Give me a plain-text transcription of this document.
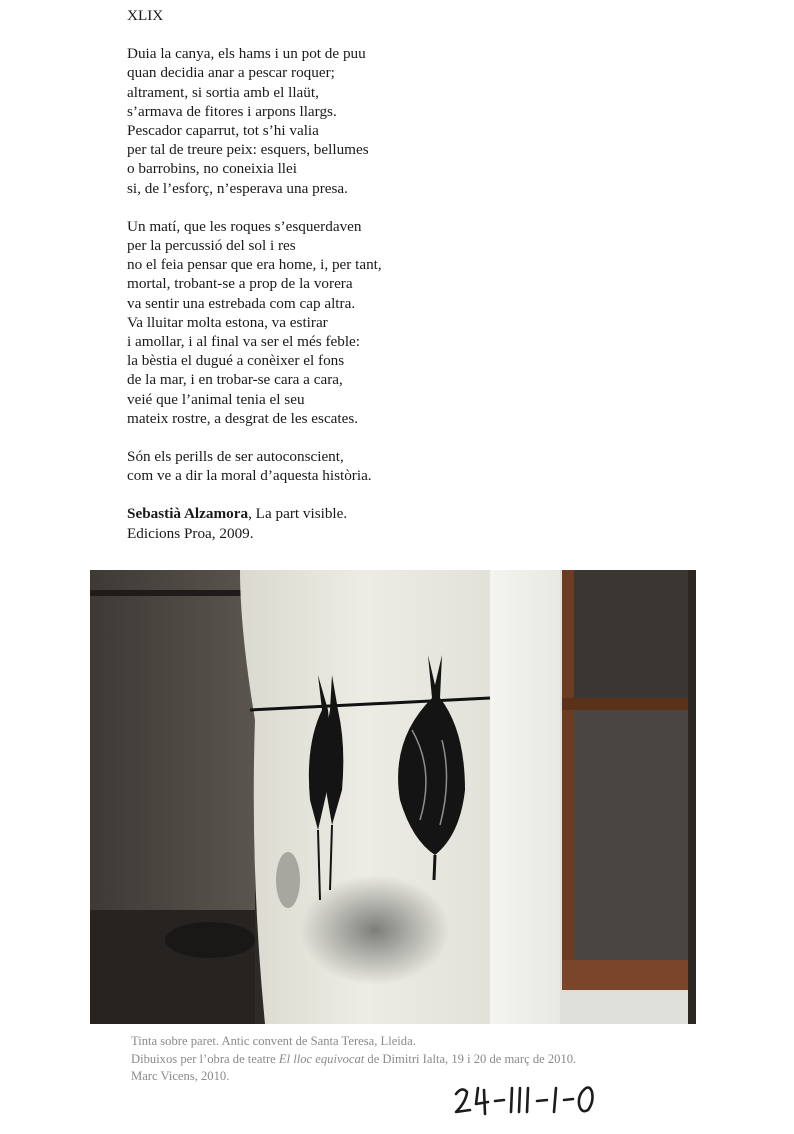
XLIX
Duia la canya, els hams i un pot de puu
quan decidia anar a pescar roquer;
altrament, si sortia amb el llaüt,
s’armava de fitores i arpons llargs.
Pescador caparrut, tot s’hi valia
per tal de treure peix: esquers, bellumes
o barrobins, no coneixia llei
si, de l’esforç, n’esperava una presa.
Un matí, que les roques s’esquerdaven
per la percussió del sol i res
no el feia pensar que era home, i, per tant,
mortal, trobant-se a prop de la vorera
va sentir una estrebada com cap altra.
Va lluitar molta estona, va estirar
i amollar, i al final va ser el més feble:
la bèstia el dugué a conèixer el fons
de la mar, i en trobar-se cara a cara,
veié que l’animal tenia el seu
mateix rostre, a desgrat de les escates.
Són els perills de ser autoconscient,
com ve a dir la moral d’aquesta història.
Sebastià Alzamora, La part visible.
Edicions Proa, 2009.
Tinta sobre paret. Antic convent de Santa Teresa, Lleida.
Dibuixos per l’obra de teatre El lloc equivocat de Dimitri Ialta, 19 i 20 de març de 2010.
Marc Vicens, 2010.
